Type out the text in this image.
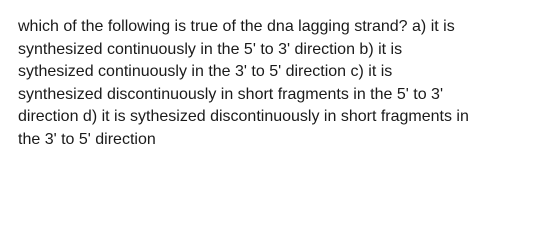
which of the following is true of the dna lagging strand? a) it is
synthesized continuously in the 5' to 3' direction b) it is
sythesized continuously in the 3' to 5' direction c) it is
synthesized discontinuously in short fragments in the 5' to 3'
direction d) it is sythesized discontinuously in short fragments in
the 3' to 5' direction
